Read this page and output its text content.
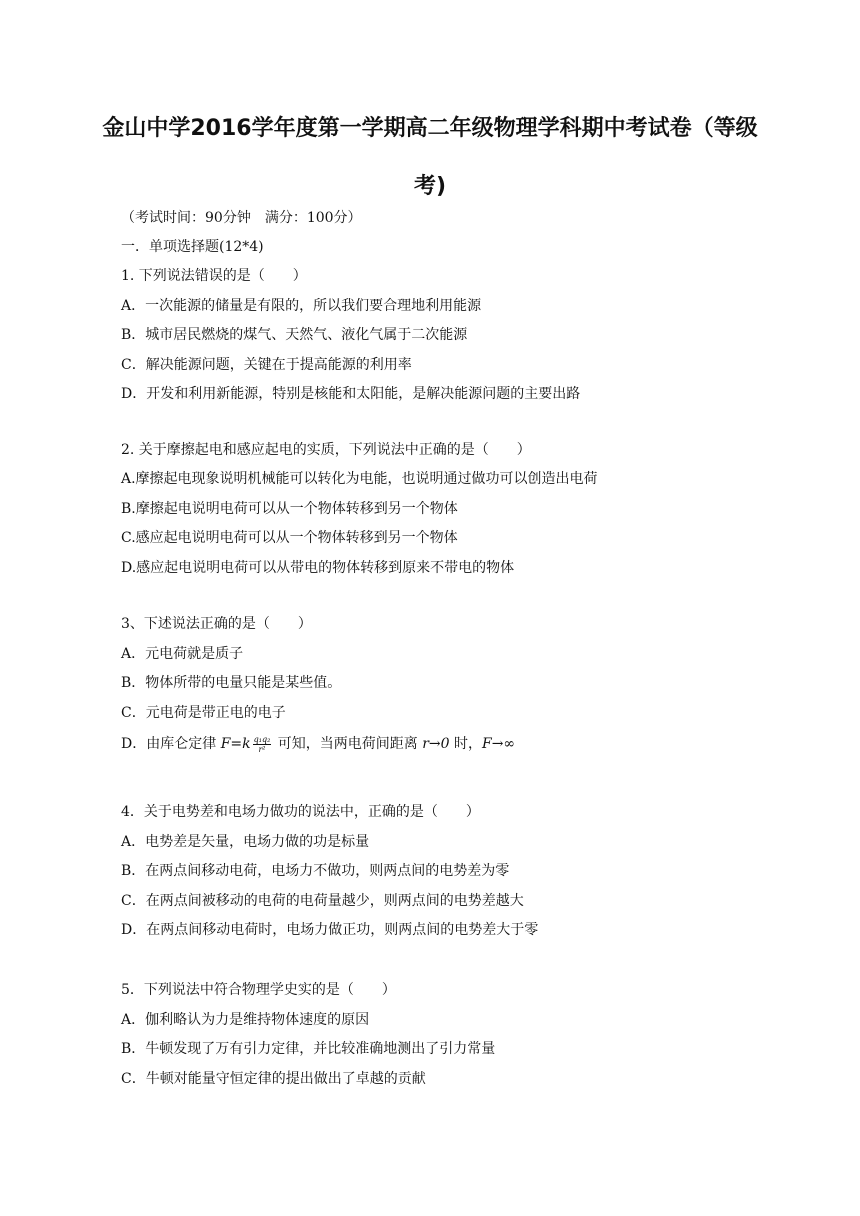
金山中学2016学年度第一学期高二年级物理学科期中考试卷（等级考)
（考试时间：90分钟　满分：100分）
一．单项选择题(12*4)
1. 下列说法错误的是（　　）
A．一次能源的储量是有限的，所以我们要合理地利用能源
B．城市居民燃烧的煤气、天然气、液化气属于二次能源
C．解决能源问题，关键在于提高能源的利用率
D．开发和利用新能源，特别是核能和太阳能，是解决能源问题的主要出路
2. 关于摩擦起电和感应起电的实质，下列说法中正确的是（　　）
A.摩擦起电现象说明机械能可以转化为电能，也说明通过做功可以创造出电荷
B.摩擦起电说明电荷可以从一个物体转移到另一个物体
C.感应起电说明电荷可以从一个物体转移到另一个物体
D.感应起电说明电荷可以从带电的物体转移到原来不带电的物体
3、下述说法正确的是（　　）
A．元电荷就是质子
B．物体所带的电量只能是某些值。
C．元电荷是带正电的电子
D．由库仑定律 $F=k \frac{\text{q₁q₂}}{\text{r²}}$ 可知，当两电荷间距离 r→0 时，F→∞
4．关于电势差和电场力做功的说法中，正确的是（　　）
A．电势差是矢量，电场力做的功是标量
B．在两点间移动电荷，电场力不做功，则两点间的电势差为零
C．在两点间被移动的电荷的电荷量越少，则两点间的电势差越大
D．在两点间移动电荷时，电场力做正功，则两点间的电势差大于零
5．下列说法中符合物理学史实的是（　　）
A．伽利略认为力是维持物体速度的原因
B．牛顿发现了万有引力定律，并比较准确地测出了引力常量
C．牛顿对能量守恒定律的提出做出了卓越的贡献
